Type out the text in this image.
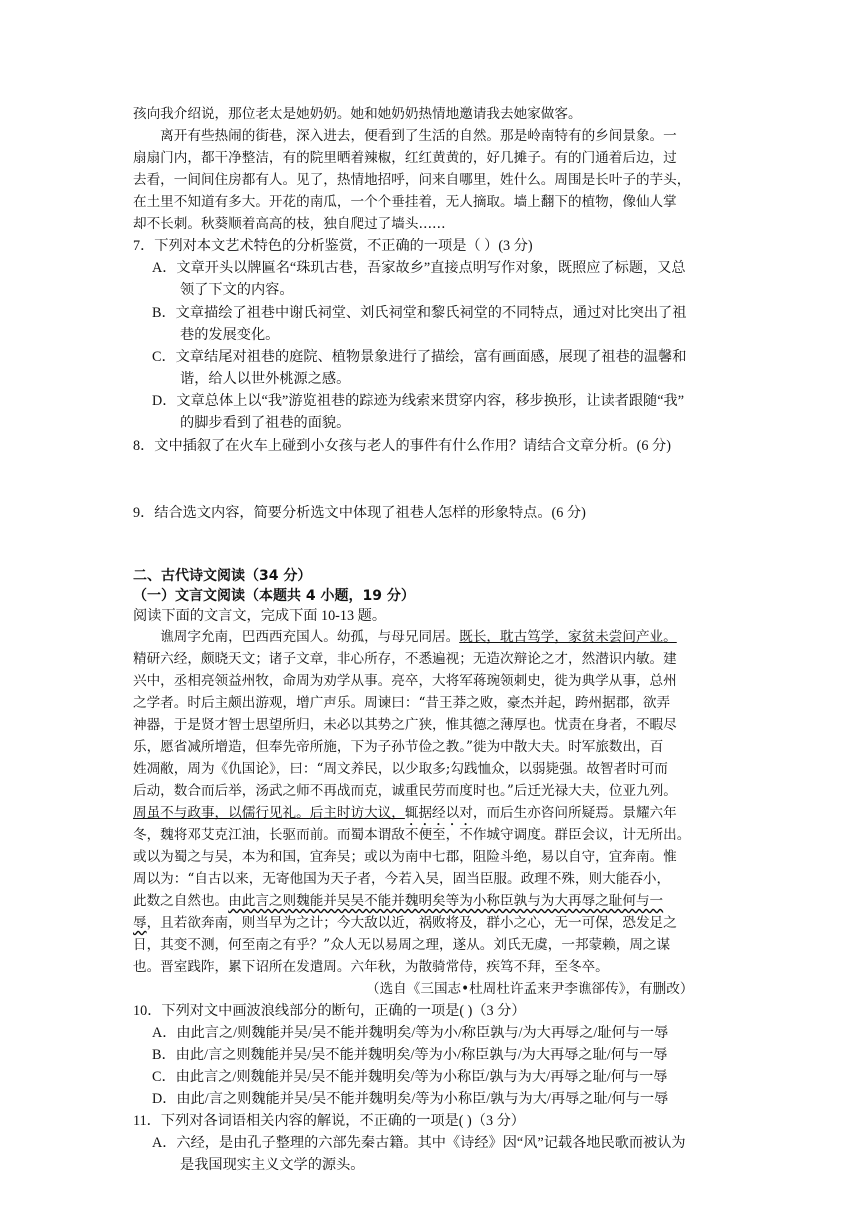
孩向我介绍说，那位老太是她奶奶。她和她奶奶热情地邀请我去她家做客。
　　离开有些热闹的街巷，深入进去，便看到了生活的自然。那是岭南特有的乡间景象。一
扇扇门内，都干净整洁，有的院里晒着辣椒，红红黄黄的，好几摊子。有的门通着后边，过
去看，一间间住房都有人。见了，热情地招呼，问来自哪里，姓什么。周围是长叶子的芋头，
在土里不知道有多大。开花的南瓜，一个个垂挂着，无人摘取。墙上翻下的植物，像仙人掌
却不长刺。秋葵顺着高高的枝，独自爬过了墙头……
7．下列对本文艺术特色的分析鉴赏，不正确的一项是（ ）(3 分)
A．文章开头以牌匾名“珠玑古巷，吾家故乡”直接点明写作对象，既照应了标题，又总
领了下文的内容。
B．文章描绘了祖巷中谢氏祠堂、刘氏祠堂和黎氏祠堂的不同特点，通过对比突出了祖
巷的发展变化。
C．文章结尾对祖巷的庭院、植物景象进行了描绘，富有画面感，展现了祖巷的温馨和
谐，给人以世外桃源之感。
D．文章总体上以“我”游览祖巷的踪迹为线索来贯穿内容，移步换形，让读者跟随“我”
的脚步看到了祖巷的面貌。
8．文中插叙了在火车上碰到小女孩与老人的事件有什么作用？请结合文章分析。(6 分)
9．结合选文内容，简要分析选文中体现了祖巷人怎样的形象特点。(6 分)
二、古代诗文阅读（34 分）
（一）文言文阅读（本题共 4 小题，19 分）
阅读下面的文言文，完成下面 10-13 题。
　　谯周字允南，巴西西充国人。幼孤，与母兄同居。既长，耽古笃学，家贫未尝问产业。
精研六经，颇晓天文；诸子文章，非心所存，不悉遍视；无造次辩论之才，然潜识内敏。建
兴中，丞相亮领益州牧，命周为劝学从事。亮卒，大将军蒋琬领刺史，徙为典学从事，总州
之学者。时后主颇出游观，增广声乐。周谏曰：“昔王莽之败，豪杰并起，跨州据郡，欲弄
神器，于是贤才智士思望所归，未必以其势之广狭，惟其德之薄厚也。忧责在身者，不暇尽
乐，愿省减所增造，但奉先帝所施，下为子孙节俭之教。”徙为中散大夫。时军旅数出，百
姓凋敝，周为《仇国论》，曰：“周文养民，以少取多;勾践恤众，以弱毙强。故智者时可而
后动，数合而后举，汤武之师不再战而克，诚重民劳而度时也。”后迁光禄大夫，位亚九列。
周虽不与政事，以儒行见礼。后主时访大议，辄据经以对，而后生亦咨问所疑焉。景耀六年
冬，魏将邓艾克江油，长驱而前。而蜀本谓敌不便至，不作城守调度。群臣会议，计无所出。
或以为蜀之与吴，本为和国，宜奔吴；或以为南中七郡，阻险斗绝，易以自守，宜奔南。惟
周以为：“自古以来，无寄他国为天子者，今若入吴，固当臣服。政理不殊，则大能吞小，
此数之自然也。由此言之则魏能并吴吴不能并魏明矣等为小称臣孰与为大再辱之耻何与一
辱，且若欲奔南，则当早为之计；今大敌以近，祸败将及，群小之心，无一可保，恐发足之
日，其变不测，何至南之有乎？”众人无以易周之理，遂从。刘氏无虞，一邦蒙赖，周之谋
也。晋室践阼，累下诏所在发遣周。六年秋，为散骑常侍，疾笃不拜，至冬卒。
（选自《三国志•杜周杜许孟来尹李谯郤传》，有删改）
10．下列对文中画波浪线部分的断句，正确的一项是( )（3 分）
A．由此言之/则魏能并吴/吴不能并魏明矣/等为小/称臣孰与/为大再辱之/耻何与一辱
B．由此/言之则魏能并吴/吴不能并魏明矣/等为小/称臣孰与/为大再辱之耻/何与一辱
C．由此言之/则魏能并吴/吴不能并魏明矣/等为小称臣/孰与为大/再辱之耻/何与一辱
D．由此/言之则魏能并吴/吴不能并魏明矣/等为小称臣/孰与为大/再辱之耻/何与一辱
11．下列对各词语相关内容的解说，不正确的一项是( )（3 分）
A．六经，是由孔子整理的六部先秦古籍。其中《诗经》因“风”记载各地民歌而被认为
是我国现实主义文学的源头。
